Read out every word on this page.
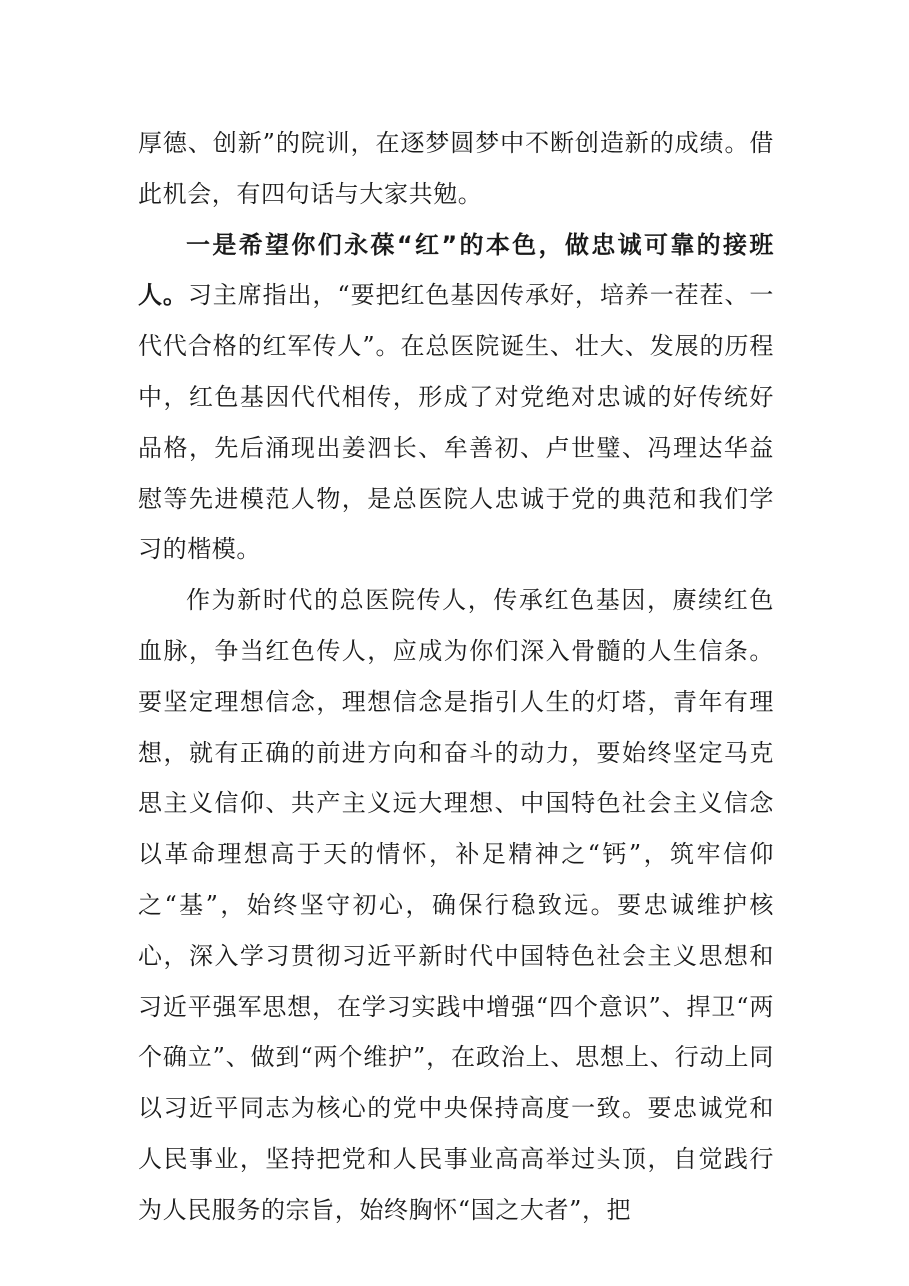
厚德、创新”的院训，在逐梦圆梦中不断创造新的成绩。借此机会，有四句话与大家共勉。

一是希望你们永葆“红”的本色，做忠诚可靠的接班人。习主席指出，“要把红色基因传承好，培养一茬茬、一代代合格的红军传人”。在总医院诞生、壮大、发展的历程中，红色基因代代相传，形成了对党绝对忠诚的好传统好品格，先后涌现出姜泗长、牟善初、卢世璧、冯理达华益慰等先进模范人物，是总医院人忠诚于党的典范和我们学习的楷模。

作为新时代的总医院传人，传承红色基因，赓续红色血脉，争当红色传人，应成为你们深入骨髓的人生信条。要坚定理想信念，理想信念是指引人生的灯塔，青年有理想，就有正确的前进方向和奋斗的动力，要始终坚定马克思主义信仰、共产主义远大理想、中国特色社会主义信念以革命理想高于天的情怀，补足精神之“钙”，筑牢信仰之“基”，始终坚守初心，确保行稳致远。要忠诚维护核心，深入学习贯彻习近平新时代中国特色社会主义思想和习近平强军思想，在学习实践中增强“四个意识”、捍卫“两个确立”、做到“两个维护”，在政治上、思想上、行动上同以习近平同志为核心的党中央保持高度一致。要忠诚党和人民事业，坚持把党和人民事业高高举过头顶，自觉践行为人民服务的宗旨，始终胸怀“国之大者”，把
